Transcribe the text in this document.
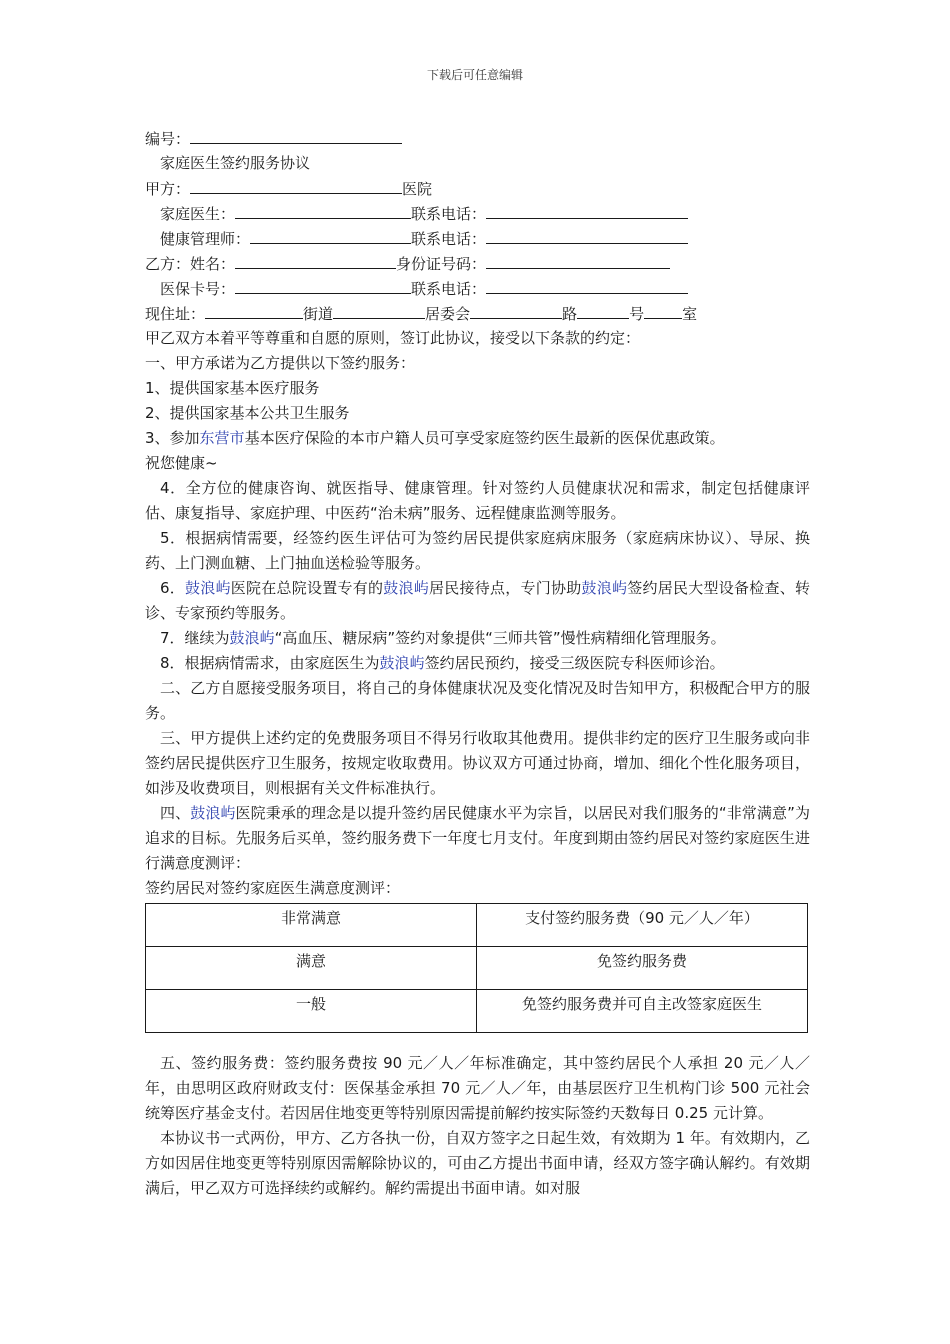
下载后可任意编辑
编号：
家庭医生签约服务协议
甲方：	医院
家庭医生：	联系电话：
健康管理师：	联系电话：
乙方：姓名：	身份证号码：
医保卡号：	联系电话：
现住址：	街道	居委会	路	号	室
甲乙双方本着平等尊重和自愿的原则，签订此协议，接受以下条款的约定：
一、甲方承诺为乙方提供以下签约服务：
1、提供国家基本医疗服务
2、提供国家基本公共卫生服务
3、参加东营市基本医疗保险的本市户籍人员可享受家庭签约医生最新的医保优惠政策。
祝您健康~

4．全方位的健康咨询、就医指导、健康管理。针对签约人员健康状况和需求，制定包括健康评估、康复指导、家庭护理、中医药“治未病”服务、远程健康监测等服务。

5．根据病情需要，经签约医生评估可为签约居民提供家庭病床服务（家庭病床协议）、导尿、换药、上门测血糖、上门抽血送检验等服务。

6．鼓浪屿医院在总院设置专有的鼓浪屿居民接待点，专门协助鼓浪屿签约居民大型设备检查、转诊、专家预约等服务。

7．继续为鼓浪屿“高血压、糖尿病”签约对象提供“三师共管”慢性病精细化管理服务。

8．根据病情需求，由家庭医生为鼓浪屿签约居民预约，接受三级医院专科医师诊治。

二、乙方自愿接受服务项目，将自己的身体健康状况及变化情况及时告知甲方，积极配合甲方的服务。

三、甲方提供上述约定的免费服务项目不得另行收取其他费用。提供非约定的医疗卫生服务或向非签约居民提供医疗卫生服务，按规定收取费用。协议双方可通过协商，增加、细化个性化服务项目，如涉及收费项目，则根据有关文件标准执行。

四、鼓浪屿医院秉承的理念是以提升签约居民健康水平为宗旨，以居民对我们服务的“非常满意”为追求的目标。先服务后买单，签约服务费下一年度七月支付。年度到期由签约居民对签约家庭医生进行满意度测评：

签约居民对签约家庭医生满意度测评：
非常满意	支付签约服务费（90 元／人／年）
满意	免签约服务费
一般	免签约服务费并可自主改签家庭医生

五、签约服务费：签约服务费按 90 元／人／年标准确定，其中签约居民个人承担 20 元／人／年，由思明区政府财政支付：医保基金承担 70 元／人／年，由基层医疗卫生机构门诊 500 元社会统筹医疗基金支付。若因居住地变更等特别原因需提前解约按实际签约天数每日 0.25 元计算。

本协议书一式两份，甲方、乙方各执一份，自双方签字之日起生效，有效期为 1 年。有效期内，乙方如因居住地变更等特别原因需解除协议的，可由乙方提出书面申请，经双方签字确认解约。有效期满后，甲乙双方可选择续约或解约。解约需提出书面申请。如对服
